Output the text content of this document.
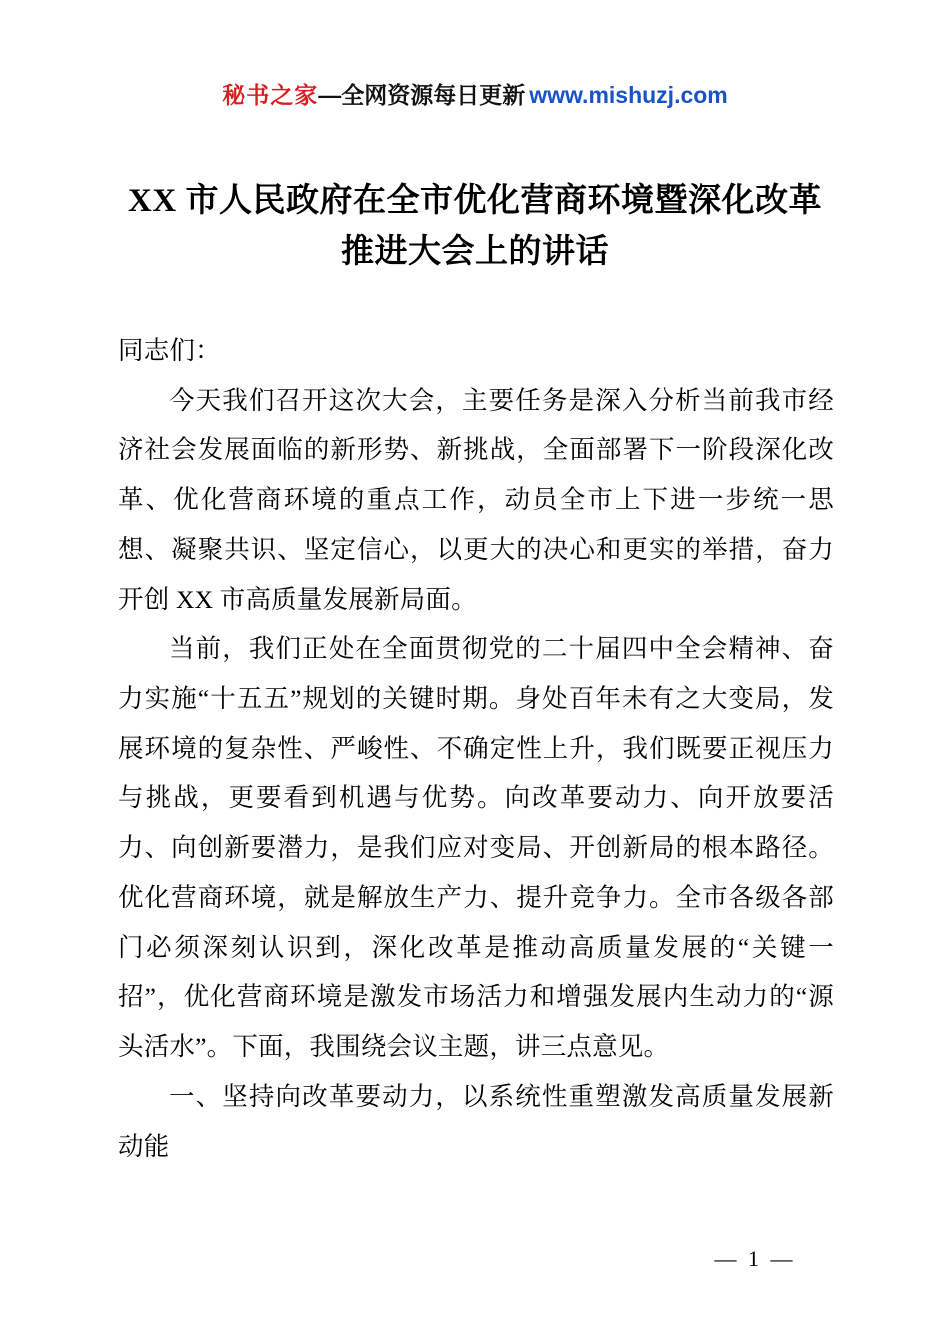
秘书之家—全网资源每日更新 www.mishuzj.com
XX 市人民政府在全市优化营商环境暨深化改革推进大会上的讲话

同志们：

今天我们召开这次大会，主要任务是深入分析当前我市经济社会发展面临的新形势、新挑战，全面部署下一阶段深化改革、优化营商环境的重点工作，动员全市上下进一步统一思想、凝聚共识、坚定信心，以更大的决心和更实的举措，奋力开创 XX 市高质量发展新局面。

当前，我们正处在全面贯彻党的二十届四中全会精神、奋力实施“十五五”规划的关键时期。身处百年未有之大变局，发展环境的复杂性、严峻性、不确定性上升，我们既要正视压力与挑战，更要看到机遇与优势。向改革要动力、向开放要活力、向创新要潜力，是我们应对变局、开创新局的根本路径。优化营商环境，就是解放生产力、提升竞争力。全市各级各部门必须深刻认识到，深化改革是推动高质量发展的“关键一招”，优化营商环境是激发市场活力和增强发展内生动力的“源头活水”。下面，我围绕会议主题，讲三点意见。

一、坚持向改革要动力，以系统性重塑激发高质量发展新动能

— 1 —
